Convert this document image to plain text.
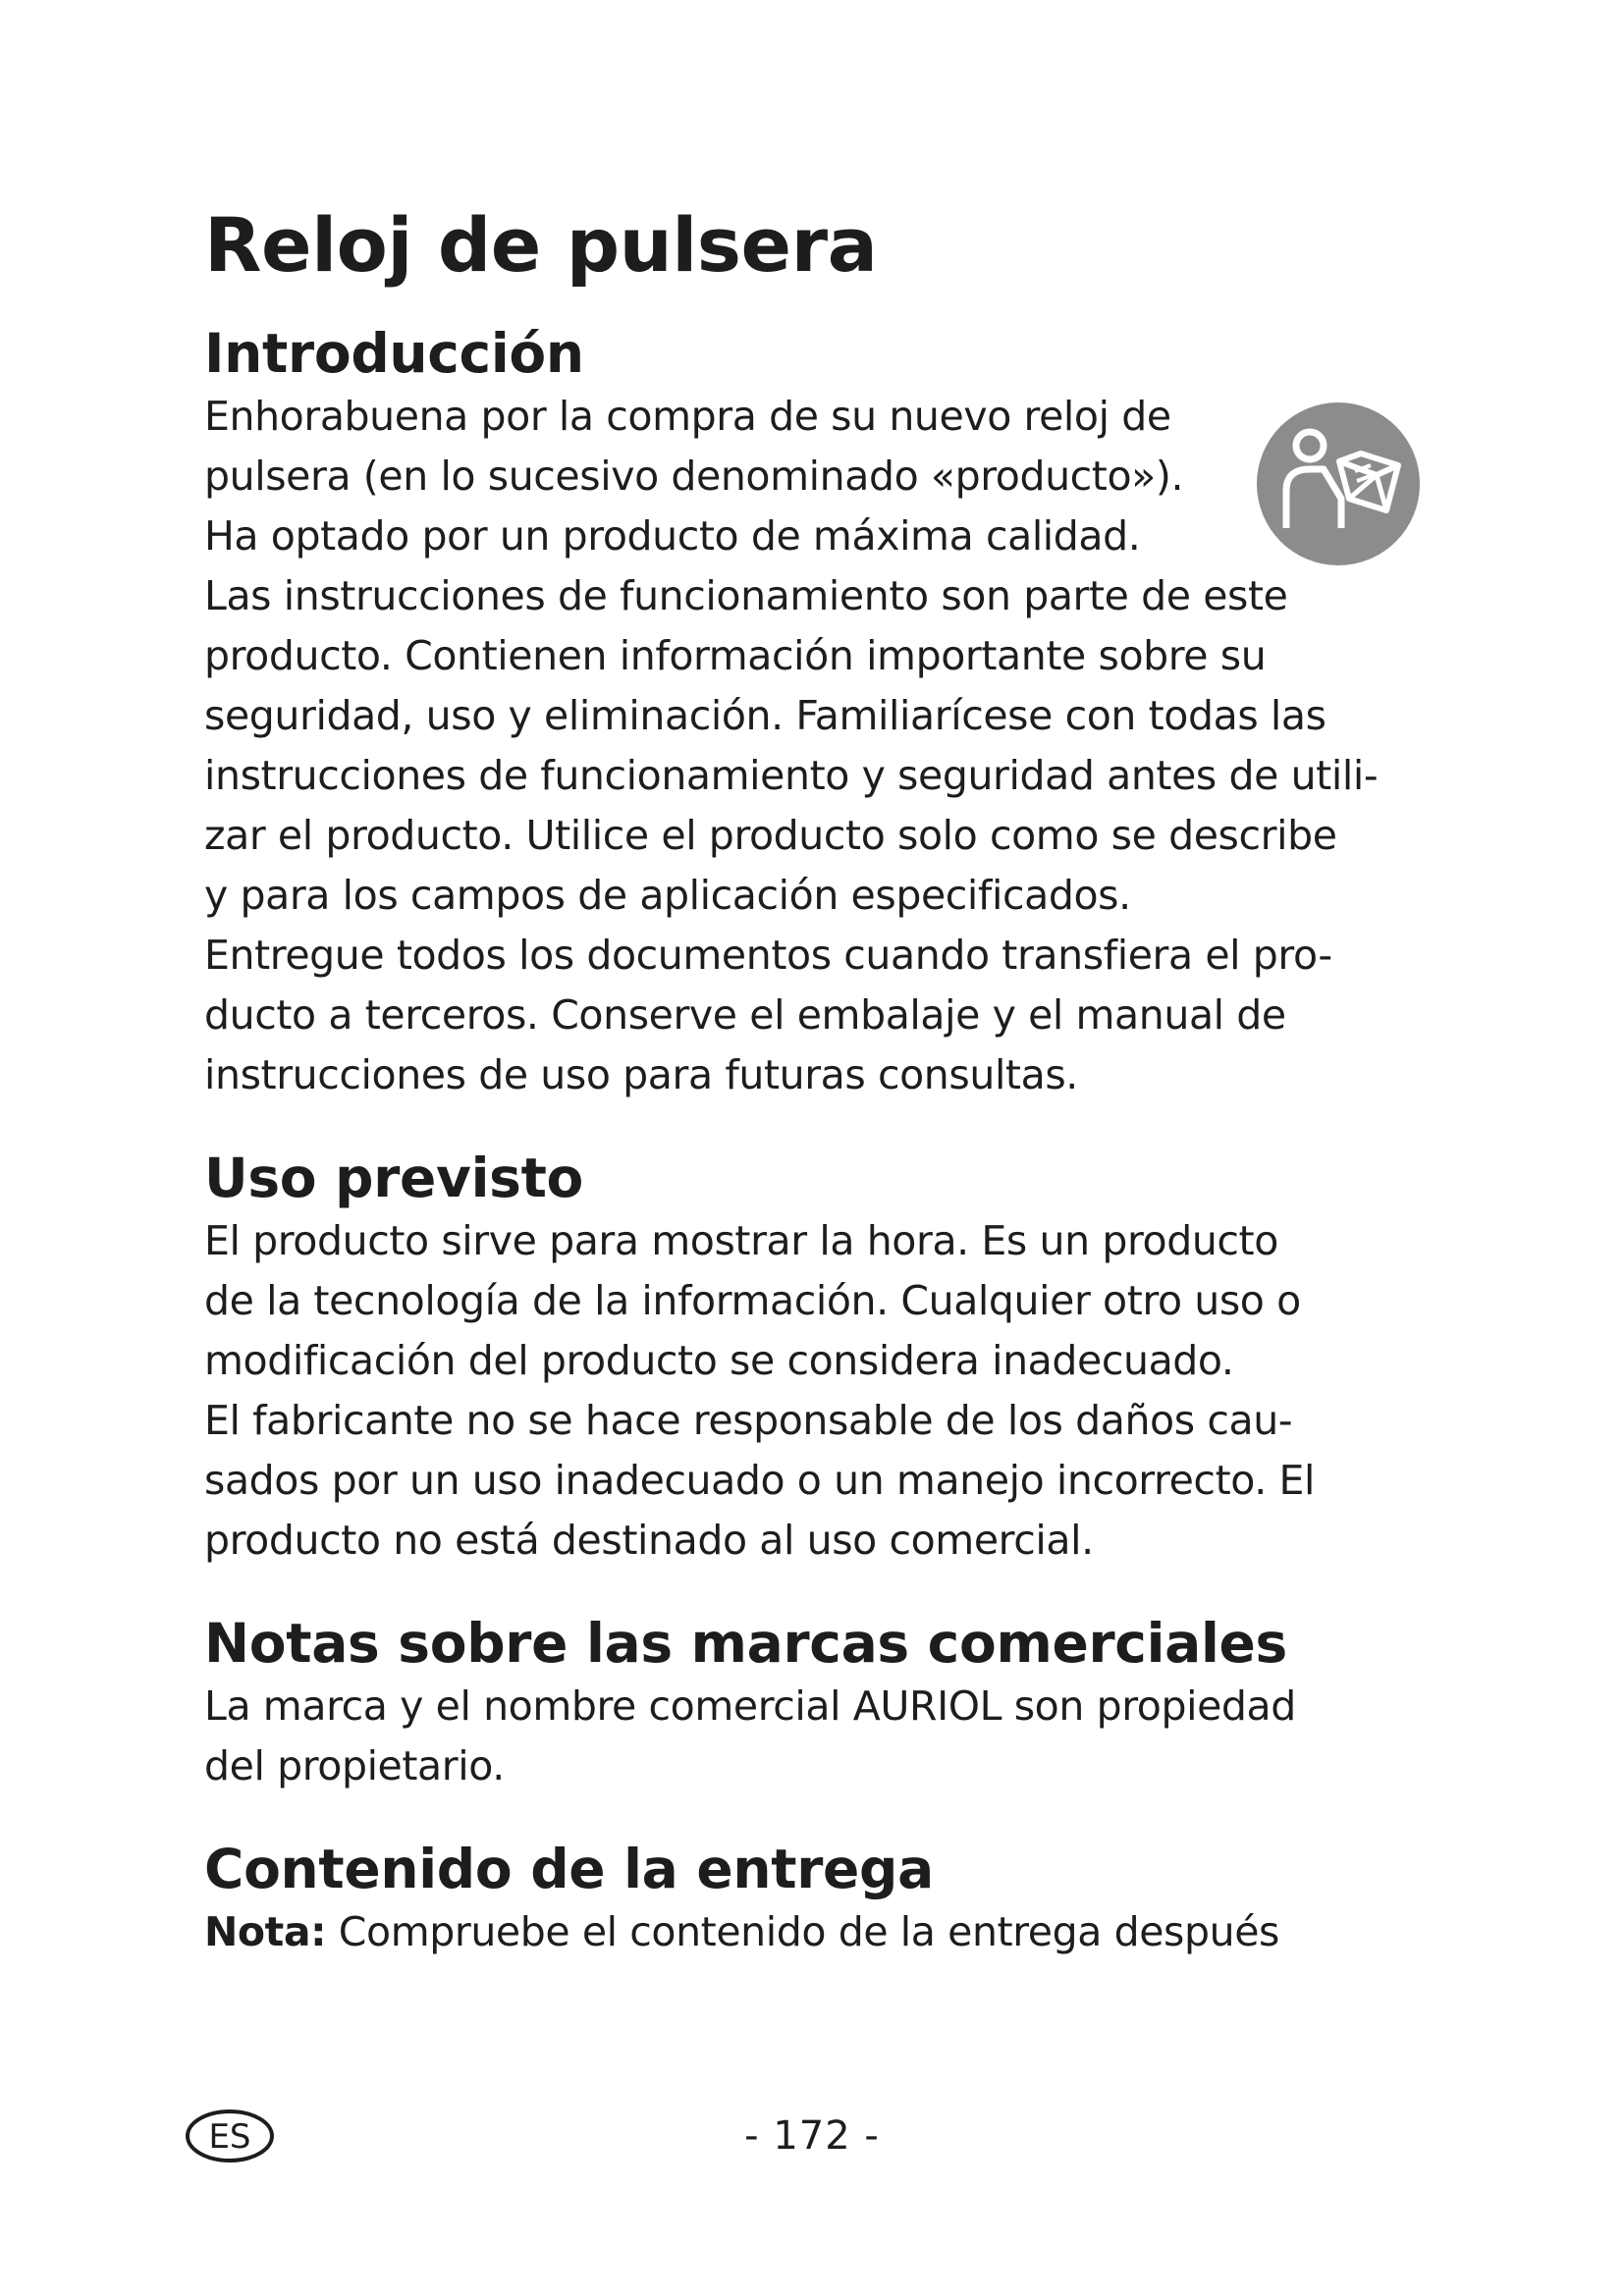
Reloj de pulsera
Introducción

Enhorabuena por la compra de su nuevo reloj de
pulsera (en lo sucesivo denominado «producto»).
Ha optado por un producto de máxima calidad.
Las instrucciones de funcionamiento son parte de este
producto. Contienen información importante sobre su
seguridad, uso y eliminación. Familiarícese con todas las
instrucciones de funcionamiento y seguridad antes de utili-
zar el producto. Utilice el producto solo como se describe
y para los campos de aplicación especificados.
Entregue todos los documentos cuando transfiera el pro-
ducto a terceros. Conserve el embalaje y el manual de
instrucciones de uso para futuras consultas.

Uso previsto

El producto sirve para mostrar la hora. Es un producto
de la tecnología de la información. Cualquier otro uso o
modificación del producto se considera inadecuado.
El fabricante no se hace responsable de los daños cau-
sados por un uso inadecuado o un manejo incorrecto. El
producto no está destinado al uso comercial.

Notas sobre las marcas comerciales

La marca y el nombre comercial AURIOL son propiedad
del propietario.

Contenido de la entrega

Nota: Compruebe el contenido de la entrega después

ES	- 172 -
